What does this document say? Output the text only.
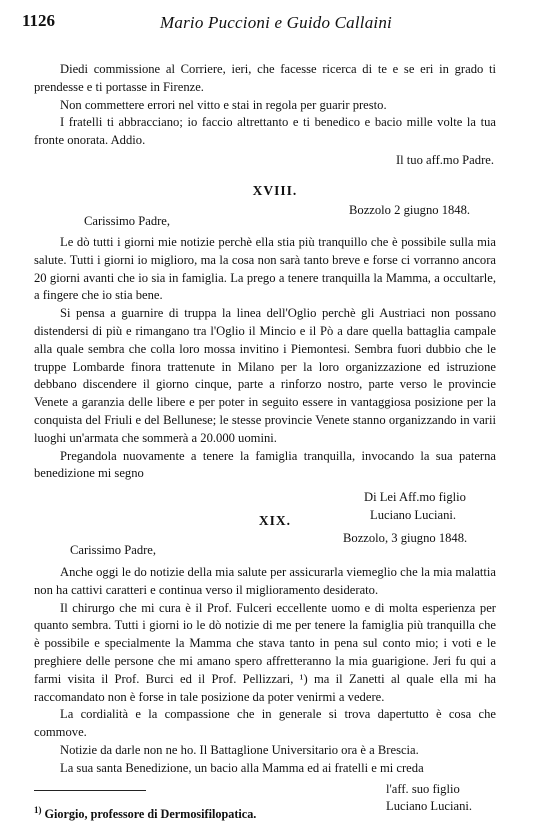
1126	Mario Puccioni e Guido Callaini

Diedi commissione al Corriere, ieri, che facesse ricerca di te e se eri in grado ti prendesse e ti portasse in Firenze.

Non commettere errori nel vitto e stai in regola per guarir presto.

I fratelli ti abbracciano; io faccio altrettanto e ti benedico e bacio mille volte la tua fronte onorata. Addio.

Il tuo aff.mo Padre.

XVIII.
Bozzolo 2 giugno 1848.
Carissimo Padre,

Le dò tutti i giorni mie notizie perchè ella stia più tranquillo che è possibile sulla mia salute. Tutti i giorni io miglioro, ma la cosa non sarà tanto breve e forse ci vorranno ancora 20 giorni avanti che io sia in famiglia. La prego a tenere tranquilla la Mamma, a occultarle, a fingere che io stia bene.

Si pensa a guarnire di truppa la linea dell'Oglio perchè gli Austriaci non possano distendersi di più e rimangano tra l'Oglio il Mincio e il Pò a dare quella battaglia campale alla quale sembra che colla loro mossa invitino i Piemontesi. Sembra fuori dubbio che le truppe Lombarde finora trattenute in Milano per la loro organizzazione ed istruzione debbano discendere il giorno cinque, parte a rinforzo nostro, parte verso le provincie Venete a garanzia delle libere e per poter in seguito essere in vantaggiosa posizione per la conquista del Friuli e del Bellunese; le stesse provincie Venete stanno organizzando in varii luoghi un'armata che sommerà a 20.000 uomini.

Pregandola nuovamente a tenere la famiglia tranquilla, invocando la sua paterna benedizione mi segno

Di Lei Aff.mo figlio

Luciano Luciani.

XIX.
Bozzolo, 3 giugno 1848.
Carissimo Padre,

Anche oggi le do notizie della mia salute per assicurarla viemeglio che la mia malattia non ha cattivi caratteri e continua verso il miglioramento desiderato.

Il chirurgo che mi cura è il Prof. Fulceri eccellente uomo e di molta esperienza per quanto sembra. Tutti i giorni io le dò notizie di me per tenere la famiglia più tranquilla che è possibile e specialmente la Mamma che stava tanto in pena sul conto mio; i voti e le preghiere delle persone che mi amano spero affretteranno la mia guarigione. Jeri fu qui a farmi visita il Prof. Burci ed il Prof. Pellizzari, ¹) ma il Zanetti al quale ella mi ha raccomandato non è forse in tale posizione da poter venirmi a vedere.

La cordialità e la compassione che in generale si trova dapertutto è cosa che commove.

Notizie da darle non ne ho. Il Battaglione Universitario ora è a Brescia.

La sua santa Benedizione, un bacio alla Mamma ed ai fratelli e mi creda

l'aff. suo figlio

Luciano Luciani.

$^{1)}$ Giorgio, professore di Dermosifilopatica.
